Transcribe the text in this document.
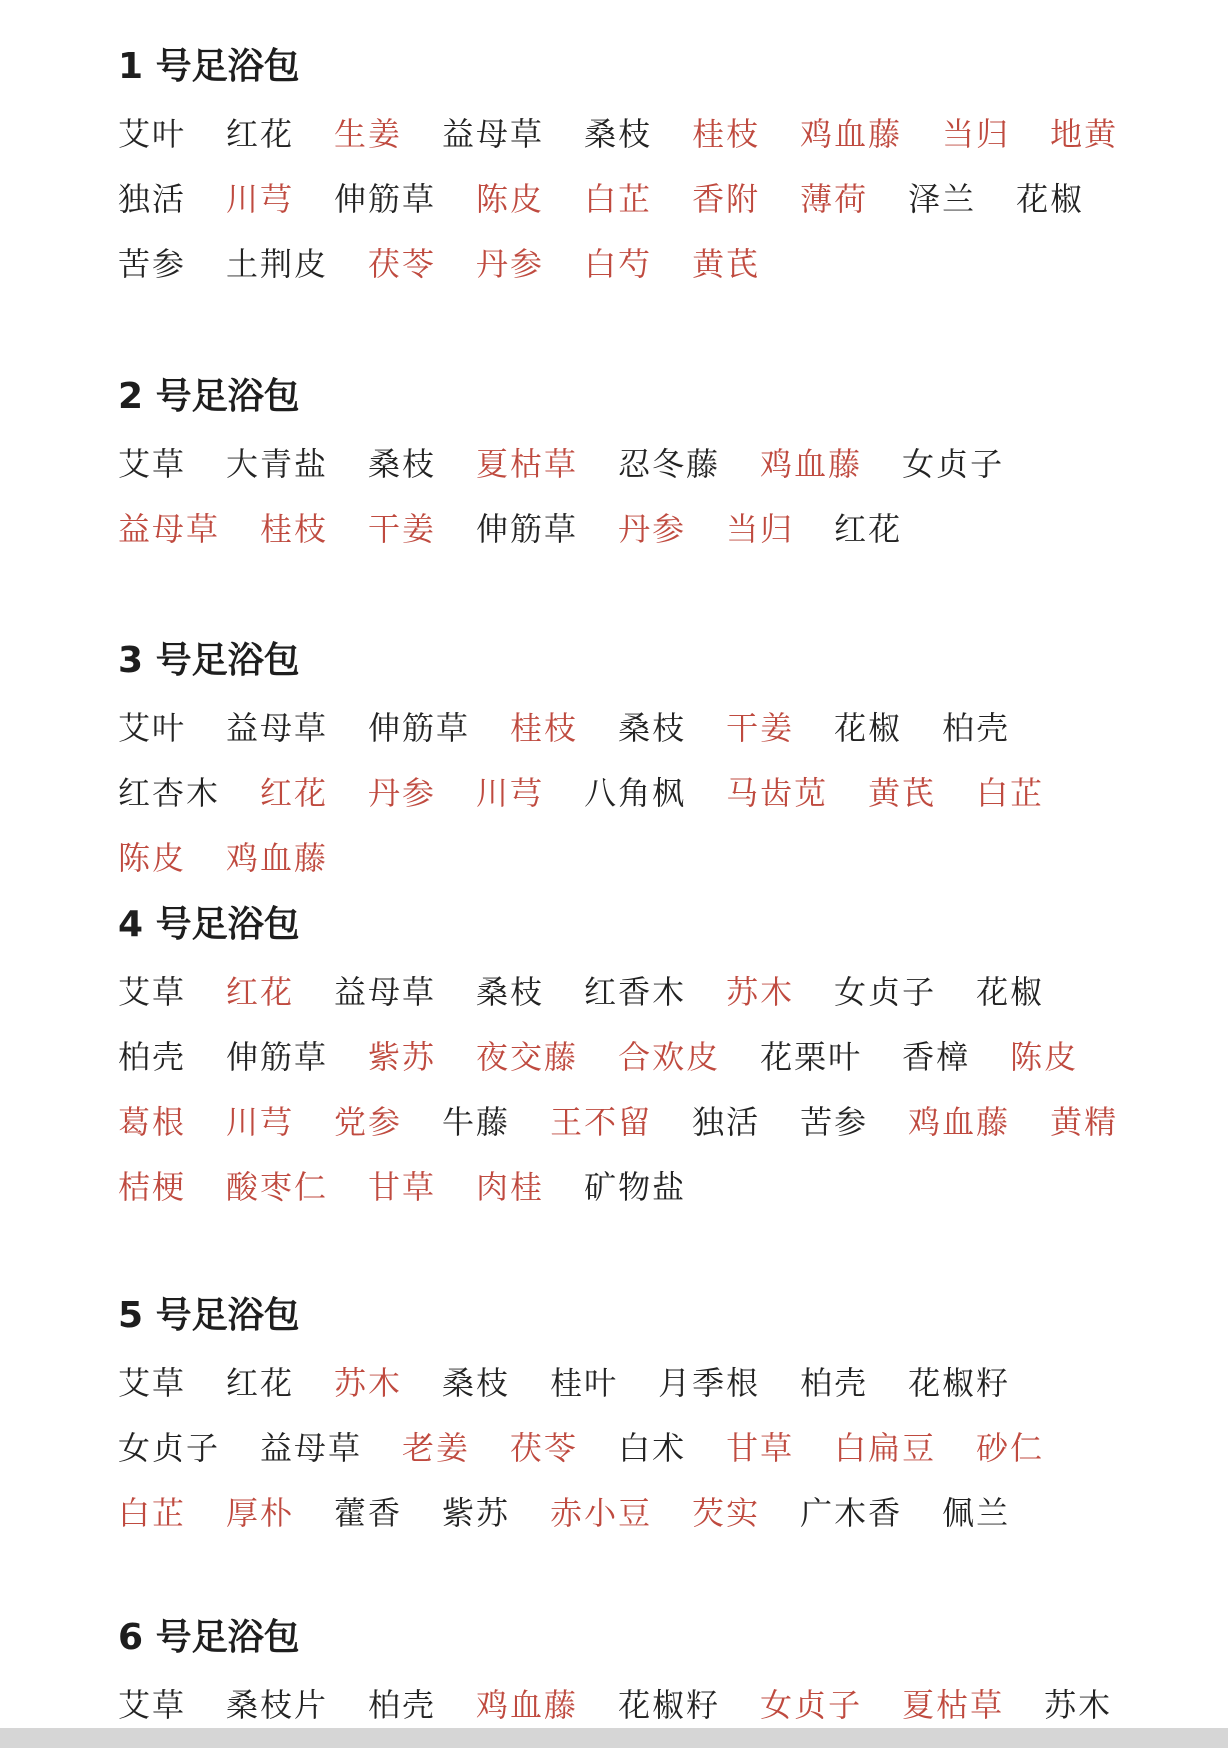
1 号足浴包
艾叶 红花 生姜 益母草 桑枝 桂枝 鸡血藤 当归 地黄
独活 川芎 伸筋草 陈皮 白芷 香附 薄荷 泽兰 花椒
苦参 土荆皮 茯苓 丹参 白芍 黄芪
2 号足浴包
艾草 大青盐 桑枝 夏枯草 忍冬藤 鸡血藤 女贞子
益母草 桂枝 干姜 伸筋草 丹参 当归 红花
3 号足浴包
艾叶 益母草 伸筋草 桂枝 桑枝 干姜 花椒 柏壳
红杏木 红花 丹参 川芎 八角枫 马齿苋 黄芪 白芷
陈皮 鸡血藤
4 号足浴包
艾草 红花 益母草 桑枝 红香木 苏木 女贞子 花椒
柏壳 伸筋草 紫苏 夜交藤 合欢皮 花栗叶 香樟 陈皮
葛根 川芎 党参 牛藤 王不留 独活 苦参 鸡血藤 黄精
桔梗 酸枣仁 甘草 肉桂 矿物盐
5 号足浴包
艾草 红花 苏木 桑枝 桂叶 月季根 柏壳 花椒籽
女贞子 益母草 老姜 茯苓 白术 甘草 白扁豆 砂仁
白芷 厚朴 藿香 紫苏 赤小豆 芡实 广木香 佩兰
6 号足浴包
艾草 桑枝片 柏壳 鸡血藤 花椒籽 女贞子 夏枯草 苏木
